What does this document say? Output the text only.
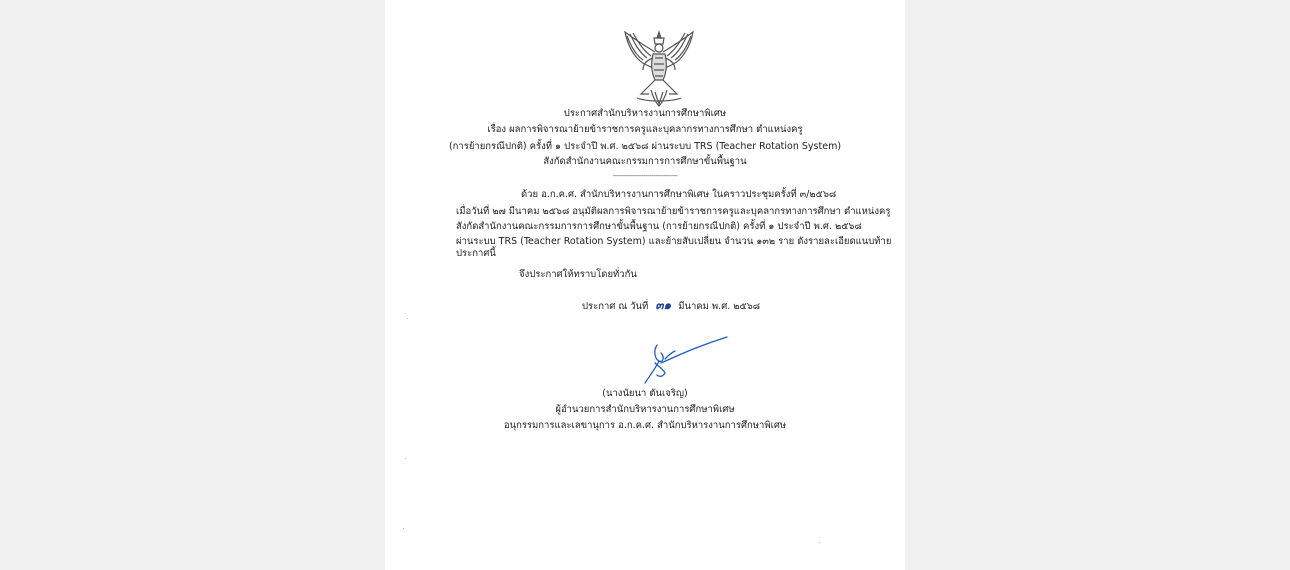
ประกาศสำนักบริหารงานการศึกษาพิเศษ
เรื่อง ผลการพิจารณาย้ายข้าราชการครูและบุคลากรทางการศึกษา ตำแหน่งครู
(การย้ายกรณีปกติ) ครั้งที่ ๑ ประจำปี พ.ศ. ๒๕๖๘ ผ่านระบบ TRS (Teacher Rotation System)
สังกัดสำนักงานคณะกรรมการการศึกษาขั้นพื้นฐาน
--------------------------------
ด้วย อ.ก.ค.ศ. สำนักบริหารงานการศึกษาพิเศษ ในคราวประชุมครั้งที่ ๓/๒๕๖๘
เมื่อวันที่ ๒๗ มีนาคม ๒๕๖๘ อนุมัติผลการพิจารณาย้ายข้าราชการครูและบุคลากรทางการศึกษา ตำแหน่งครู
สังกัดสำนักงานคณะกรรมการการศึกษาขั้นพื้นฐาน (การย้ายกรณีปกติ) ครั้งที่ ๑ ประจำปี พ.ศ. ๒๕๖๘
ผ่านระบบ TRS (Teacher Rotation System) และย้ายสับเปลี่ยน จำนวน ๑๓๒ ราย ดังรายละเอียดแนบท้าย
ประกาศนี้
จึงประกาศให้ทราบโดยทั่วกัน
ประกาศ ณ วันที่ ๓๑ มีนาคม พ.ศ. ๒๕๖๘
(นางนัยนา ตันเจริญ)
ผู้อำนวยการสำนักบริหารงานการศึกษาพิเศษ
อนุกรรมการและเลขานุการ อ.ก.ค.ศ. สำนักบริหารงานการศึกษาพิเศษ
